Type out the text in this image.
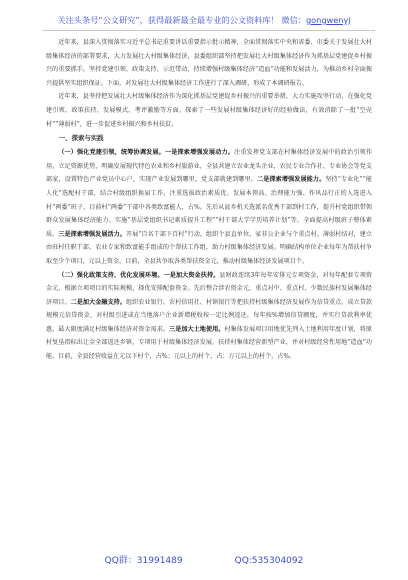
关注头条号“公文研究”，获得最新最全最专业的公文资料库！ 微信：gongwenyj

近年来，县深入贯彻落实习近平总书记重要讲话重要指示批示精神，全面贯彻落实中央和省委、市委关于发展壮大村级集体经济的部署要求，大力发展壮大村级集体经济，县委组织部坚持把发展壮大村级集体经济作为抓基层党建促乡村振兴的重要抓手，坚持党建引领、政策支持、示范带动，持续增强村级集体经济“造血”功能和发展活力，为推动乡村全面振兴提供坚实组织保证。下面，对发展壮大村级集体经济工作进行了深入调研，形成了本调研报告。

近年来，县坚持把发展壮大村级集体经济作为深化抓基层党建促乡村振兴的重要举措，大力实施攻坚行动，在强化党建引领、政策扶持、发展模式、考评激励等方面，探索了一些发展村级集体经济好的经验做法，有效消除了一批“空壳村”“薄弱村”，进一步促进乡村振兴和乡村扶贫。

一、探索与实践

（一）强化党建引领，统筹协调发展。一是探索增强发展动力。注重发挥党支部在村集体经济发展中的政治引领作用，立足资源优势，明确发展现代特色农业和乡村旅游业，全县共建立农业龙头企业，农民专业合作社、专业协会等党支部家，设置特色产业党员中心户，实现产业发展到哪里，党支部就建到哪里。二是探索增强发展能力。坚持“专业化”“能人化”选配村干部，结合村级组织换届工作，注重选拔政治素质优、发展本领高、治理能力强、作风品行正的人选进入村“两委”班子，目前村“两委”干部中各类致富能人，占%。先后从县乡机关选派名优秀干部到村工作，提升村党组织带领群众发展集体经济能力。实施“基层党组织书记素质提升工程”“村干部大学学历培养计划”等，全面提高村级班子整体素质。三是探索增强发展活力。开展“百名干部下百村”行动，组织个县直单位、家非公企业与个重点村、薄弱村结对，建立由驻村任职干部、农业专家和致富能手组成的个帮扶工作组，助力村级集体经济发展。明确结构单位企业每年为帮扶村争取至少个项目、元以上资金。目前，全县共争取各类帮扶资金元，推动村级集体经济发展项目个。

（二）强化政策支持，优化发展环境。一是加大资金扶持。县财政连续3年每年安排元专项资金，对每年配套专项资金元，根据立项项目的实际规模，择优安排配套资金。先后整合涉农资金元，重点对中、重点村、少数民族村发展集体经济项目。二是加大金融支持。组织农业银行、农村信用社、村镇银行等把扶持村级集体经济发展作为信贷重点，成立贷款规模元信贷资金，对村级引进或在当地落户企业新增税收按一定比例返还，每年按%增加信贷额度，并实行贷款利率优惠，最大限度满足村级集体经济对资金需求。三是加大土地使用。村集体发展项目用地优先列入土地利用年度计划，将原村复垦指标出让金全部返还乡镇，专项用于村级集体经济发展，扶持村集体经营新型产业，并对村级经营性用地“造血”功能。目前，全县经营收益在元以下村个，占%；元以上的村个，占；万元以上的村个，占%。

QQ群：31991489	QQ:535304092
